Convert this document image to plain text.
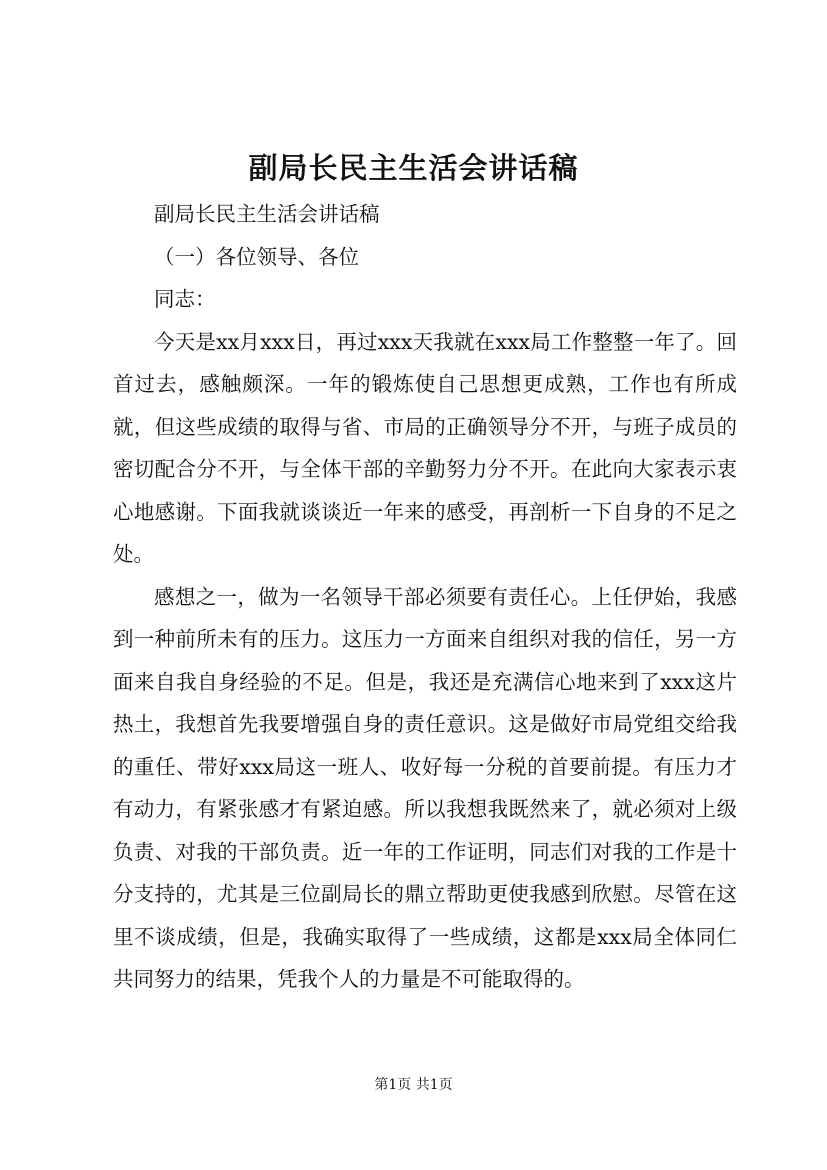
副局长民主生活会讲话稿

副局长民主生活会讲话稿

（一）各位领导、各位

同志：

今天是xx月xxx日，再过xxx天我就在xxx局工作整整一年了。回首过去，感触颇深。一年的锻炼使自己思想更成熟，工作也有所成就，但这些成绩的取得与省、市局的正确领导分不开，与班子成员的密切配合分不开，与全体干部的辛勤努力分不开。在此向大家表示衷心地感谢。下面我就谈谈近一年来的感受，再剖析一下自身的不足之处。

感想之一，做为一名领导干部必须要有责任心。上任伊始，我感到一种前所未有的压力。这压力一方面来自组织对我的信任，另一方面来自我自身经验的不足。但是，我还是充满信心地来到了xxx这片热土，我想首先我要增强自身的责任意识。这是做好市局党组交给我的重任、带好xxx局这一班人、收好每一分税的首要前提。有压力才有动力，有紧张感才有紧迫感。所以我想我既然来了，就必须对上级负责、对我的干部负责。近一年的工作证明，同志们对我的工作是十分支持的，尤其是三位副局长的鼎立帮助更使我感到欣慰。尽管在这里不谈成绩，但是，我确实取得了一些成绩，这都是xxx局全体同仁共同努力的结果，凭我个人的力量是不可能取得的。

第1页 共1页
